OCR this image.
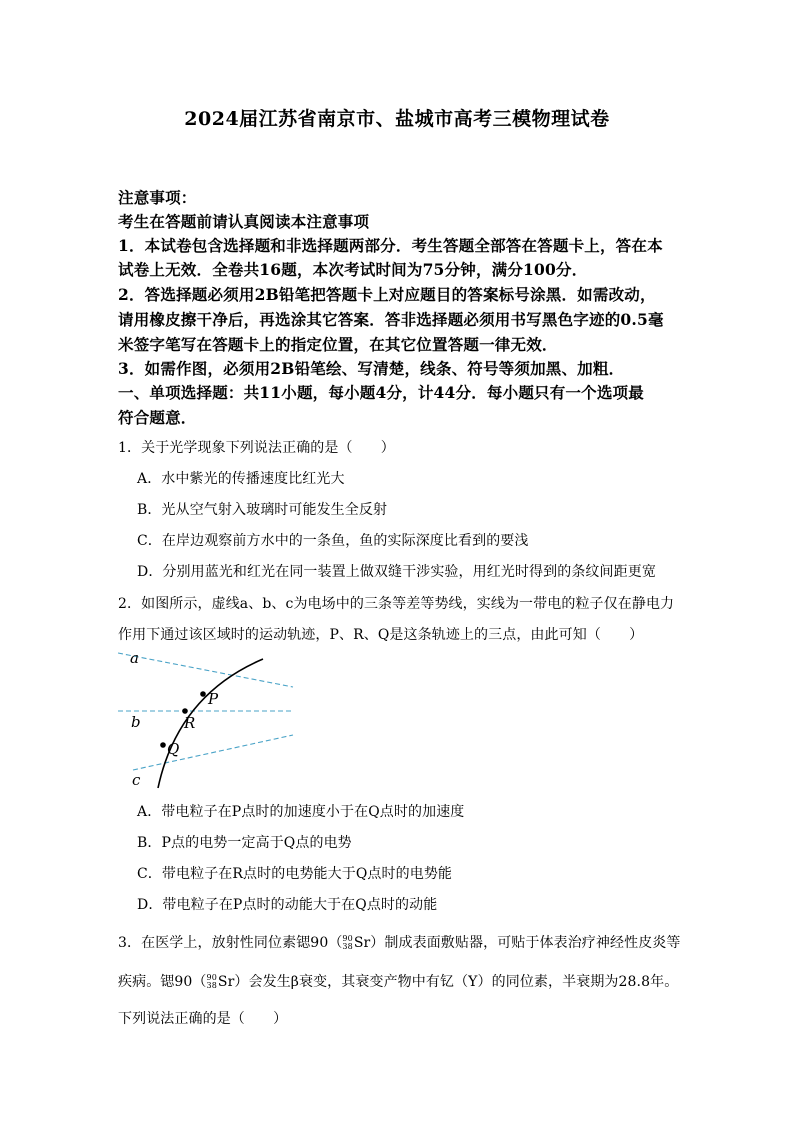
2024届江苏省南京市、盐城市高考三模物理试卷
注意事项：
考生在答题前请认真阅读本注意事项
1．本试卷包含选择题和非选择题两部分．考生答题全部答在答题卡上，答在本
试卷上无效．全卷共16题，本次考试时间为75分钟，满分100分．
2．答选择题必须用2B铅笔把答题卡上对应题目的答案标号涂黑．如需改动，
请用橡皮擦干净后，再选涂其它答案．答非选择题必须用书写黑色字迹的0.5毫
米签字笔写在答题卡上的指定位置，在其它位置答题一律无效．
3．如需作图，必须用2B铅笔绘、写清楚，线条、符号等须加黑、加粗．
一、单项选择题：共11小题，每小题4分，计44分．每小题只有一个选项最
符合题意．
1．关于光学现象下列说法正确的是（　　）
A．水中紫光的传播速度比红光大
B．光从空气射入玻璃时可能发生全反射
C．在岸边观察前方水中的一条鱼，鱼的实际深度比看到的要浅
D．分别用蓝光和红光在同一装置上做双缝干涉实验，用红光时得到的条纹间距更宽
2．如图所示，虚线a、b、c为电场中的三条等差等势线，实线为一带电的粒子仅在静电力
作用下通过该区域时的运动轨迹，P、R、Q是这条轨迹上的三点，由此可知（　　）
a
b
c
P
R
Q
A．带电粒子在P点时的加速度小于在Q点时的加速度
B．P点的电势一定高于Q点的电势
C．带电粒子在R点时的电势能大于Q点时的电势能
D．带电粒子在P点时的动能大于在Q点时的动能
3．在医学上，放射性同位素锶90（90
38Sr）制成表面敷贴器，可贴于体表治疗神经性皮炎等
疾病。锶90（90
38Sr）会发生β衰变，其衰变产物中有钇（Y）的同位素，半衰期为28.8年。
下列说法正确的是（　　）
